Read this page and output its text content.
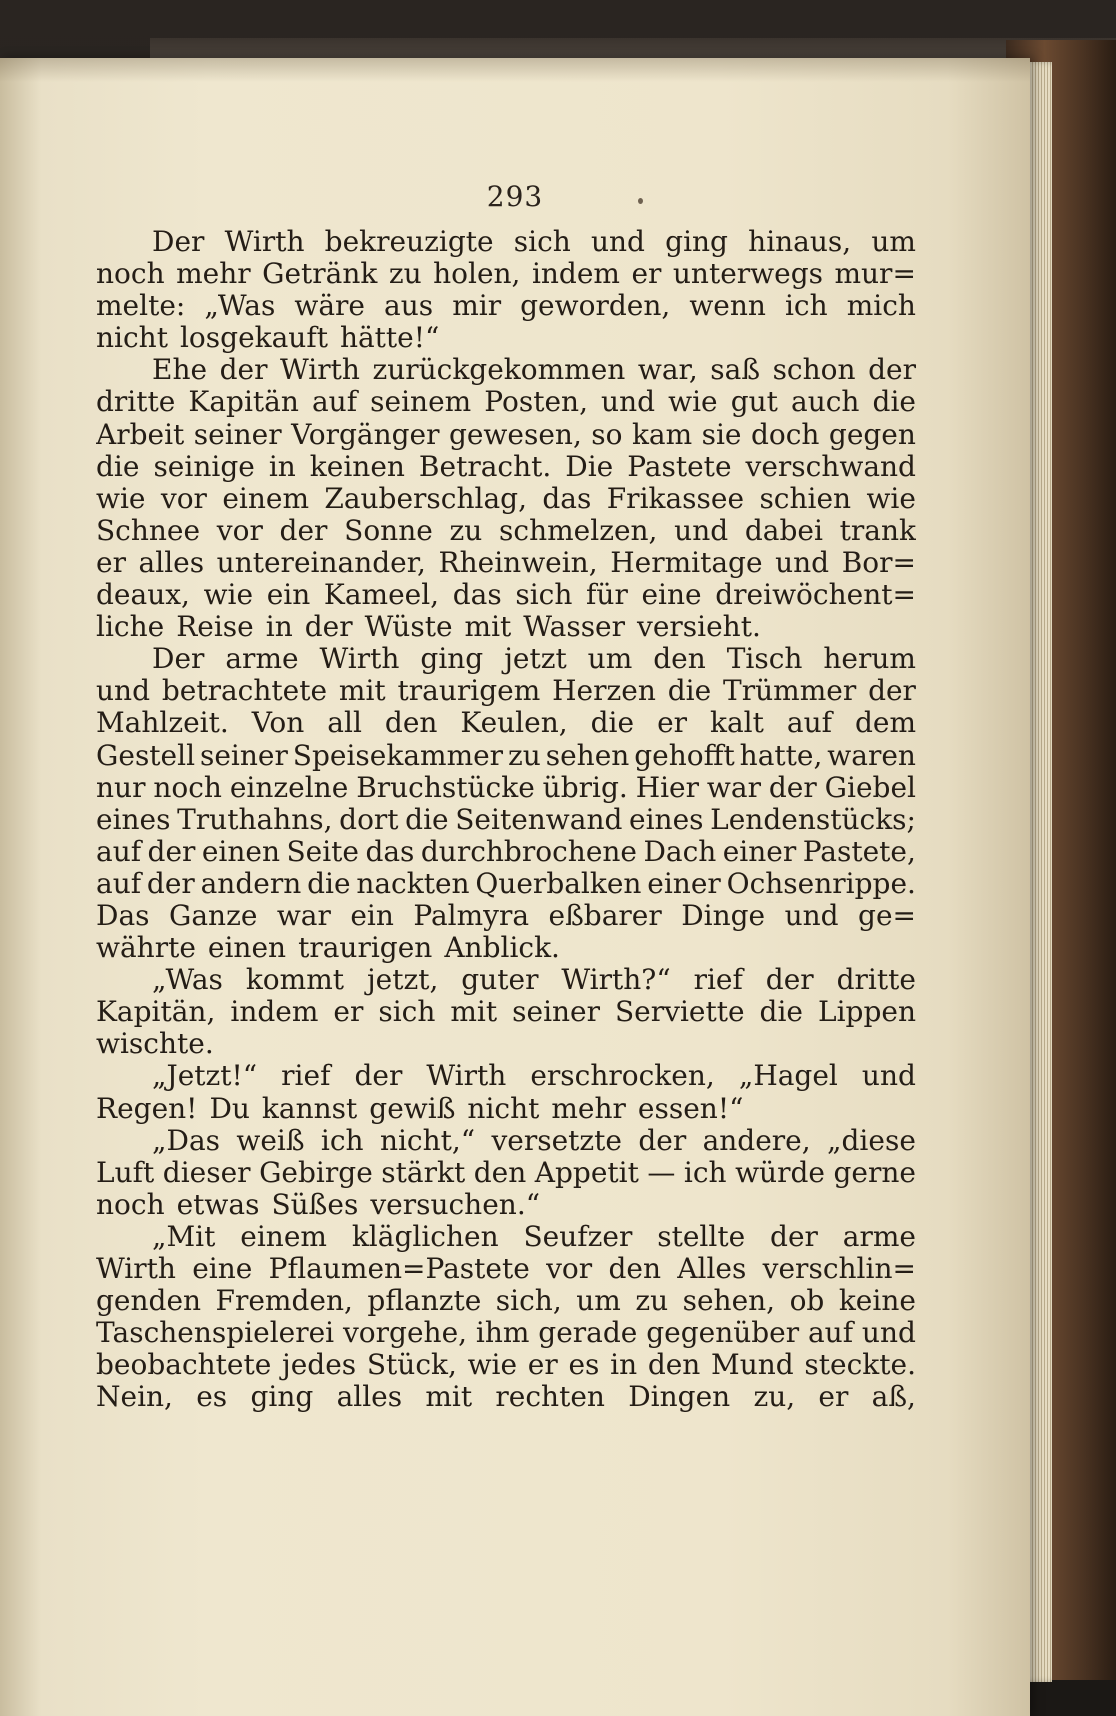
293
Der Wirth bekreuzigte sich und ging hinaus, um
noch mehr Getränk zu holen, indem er unterwegs mur=
melte: „Was wäre aus mir geworden, wenn ich mich
nicht losgekauft hätte!“
Ehe der Wirth zurückgekommen war, saß schon der
dritte Kapitän auf seinem Posten, und wie gut auch die
Arbeit seiner Vorgänger gewesen, so kam sie doch gegen
die seinige in keinen Betracht. Die Pastete verschwand
wie vor einem Zauberschlag, das Frikassee schien wie
Schnee vor der Sonne zu schmelzen, und dabei trank
er alles untereinander, Rheinwein, Hermitage und Bor=
deaux, wie ein Kameel, das sich für eine dreiwöchent=
liche Reise in der Wüste mit Wasser versieht.
Der arme Wirth ging jetzt um den Tisch herum
und betrachtete mit traurigem Herzen die Trümmer der
Mahlzeit. Von all den Keulen, die er kalt auf dem
Gestell seiner Speisekammer zu sehen gehofft hatte, waren
nur noch einzelne Bruchstücke übrig. Hier war der Giebel
eines Truthahns, dort die Seitenwand eines Lendenstücks;
auf der einen Seite das durchbrochene Dach einer Pastete,
auf der andern die nackten Querbalken einer Ochsenrippe.
Das Ganze war ein Palmyra eßbarer Dinge und ge=
währte einen traurigen Anblick.
„Was kommt jetzt, guter Wirth?“ rief der dritte
Kapitän, indem er sich mit seiner Serviette die Lippen
wischte.
„Jetzt!“ rief der Wirth erschrocken, „Hagel und
Regen! Du kannst gewiß nicht mehr essen!“
„Das weiß ich nicht,“ versetzte der andere, „diese
Luft dieser Gebirge stärkt den Appetit — ich würde gerne
noch etwas Süßes versuchen.“
„Mit einem kläglichen Seufzer stellte der arme
Wirth eine Pflaumen=Pastete vor den Alles verschlin=
genden Fremden, pflanzte sich, um zu sehen, ob keine
Taschenspielerei vorgehe, ihm gerade gegenüber auf und
beobachtete jedes Stück, wie er es in den Mund steckte.
Nein, es ging alles mit rechten Dingen zu, er aß,
